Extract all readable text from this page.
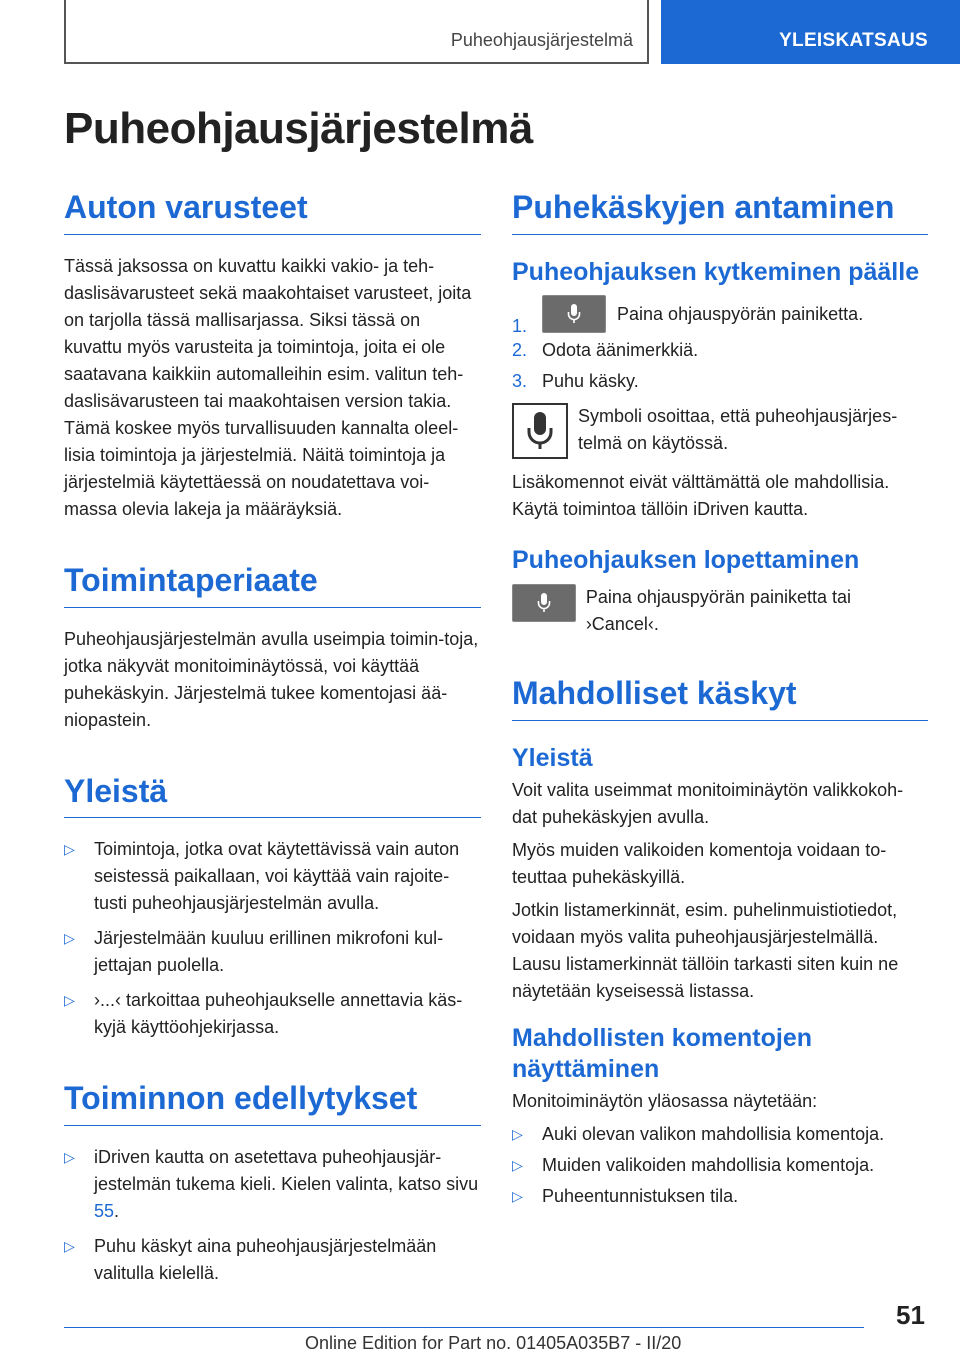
Puheohjausjärjestelmä	YLEISKATSAUS
Puheohjausjärjestelmä
Auton varusteet

Tässä jaksossa on kuvattu kaikki vakio- ja teh-daslisävarusteet sekä maakohtaiset varusteet, joita on tarjolla tässä mallisarjassa. Siksi tässä on kuvattu myös varusteita ja toimintoja, joita ei ole saatavana kaikkiin automalleihin esim. valitun teh-daslisävarusteen tai maakohtaisen version takia. Tämä koskee myös turvallisuuden kannalta oleel-lisia toimintoja ja järjestelmiä. Näitä toimintoja ja järjestelmiä käytettäessä on noudatettava voi-massa olevia lakeja ja määräyksiä.

Toimintaperiaate

Puheohjausjärjestelmän avulla useimpia toimin-toja, jotka näkyvät monitoiminäytössä, voi käyttää puhekäskyin. Järjestelmä tukee komentojasi ää-niopastein.

Yleistä
▷ Toimintoja, jotka ovat käytettävissä vain auton seistessä paikallaan, voi käyttää vain rajoite-tusti puheohjausjärjestelmän avulla.
▷ Järjestelmään kuuluu erillinen mikrofoni kul-jettajan puolella.
▷ ›...‹ tarkoittaa puheohjaukselle annettavia käs-kyjä käyttöohjekirjassa.
Toiminnon edellytykset
▷ iDriven kautta on asetettava puheohjausjär-jestelmän tukema kieli. Kielen valinta, katso sivu 55.
▷ Puhu käskyt aina puheohjausjärjestelmään valitulla kielellä.
Puhekäskyjen antaminen
Puheohjauksen kytkeminen päälle
1.
Paina ohjauspyörän painiketta.
2. Odota äänimerkkiä.
3. Puhu käsky.

Symboli osoittaa, että puheohjausjärjes-telmä on käytössä.

Lisäkomennot eivät välttämättä ole mahdollisia. Käytä toimintoa tällöin iDriven kautta.

Puheohjauksen lopettaminen

Paina ohjauspyörän painiketta tai ›Cancel‹.

Mahdolliset käskyt
Yleistä

Voit valita useimmat monitoiminäytön valikkokoh-dat puhekäskyjen avulla.

Myös muiden valikoiden komentoja voidaan to-teuttaa puhekäskyillä.

Jotkin listamerkinnät, esim. puhelinmuistiotiedot, voidaan myös valita puheohjausjärjestelmällä. Lausu listamerkinnät tällöin tarkasti siten kuin ne näytetään kyseisessä listassa.

Mahdollisten komentojen näyttäminen

Monitoiminäytön yläosassa näytetään:

▷ Auki olevan valikon mahdollisia komentoja.
▷ Muiden valikoiden mahdollisia komentoja.
▷ Puheentunnistuksen tila.
51
Online Edition for Part no. 01405A035B7 - II/20
